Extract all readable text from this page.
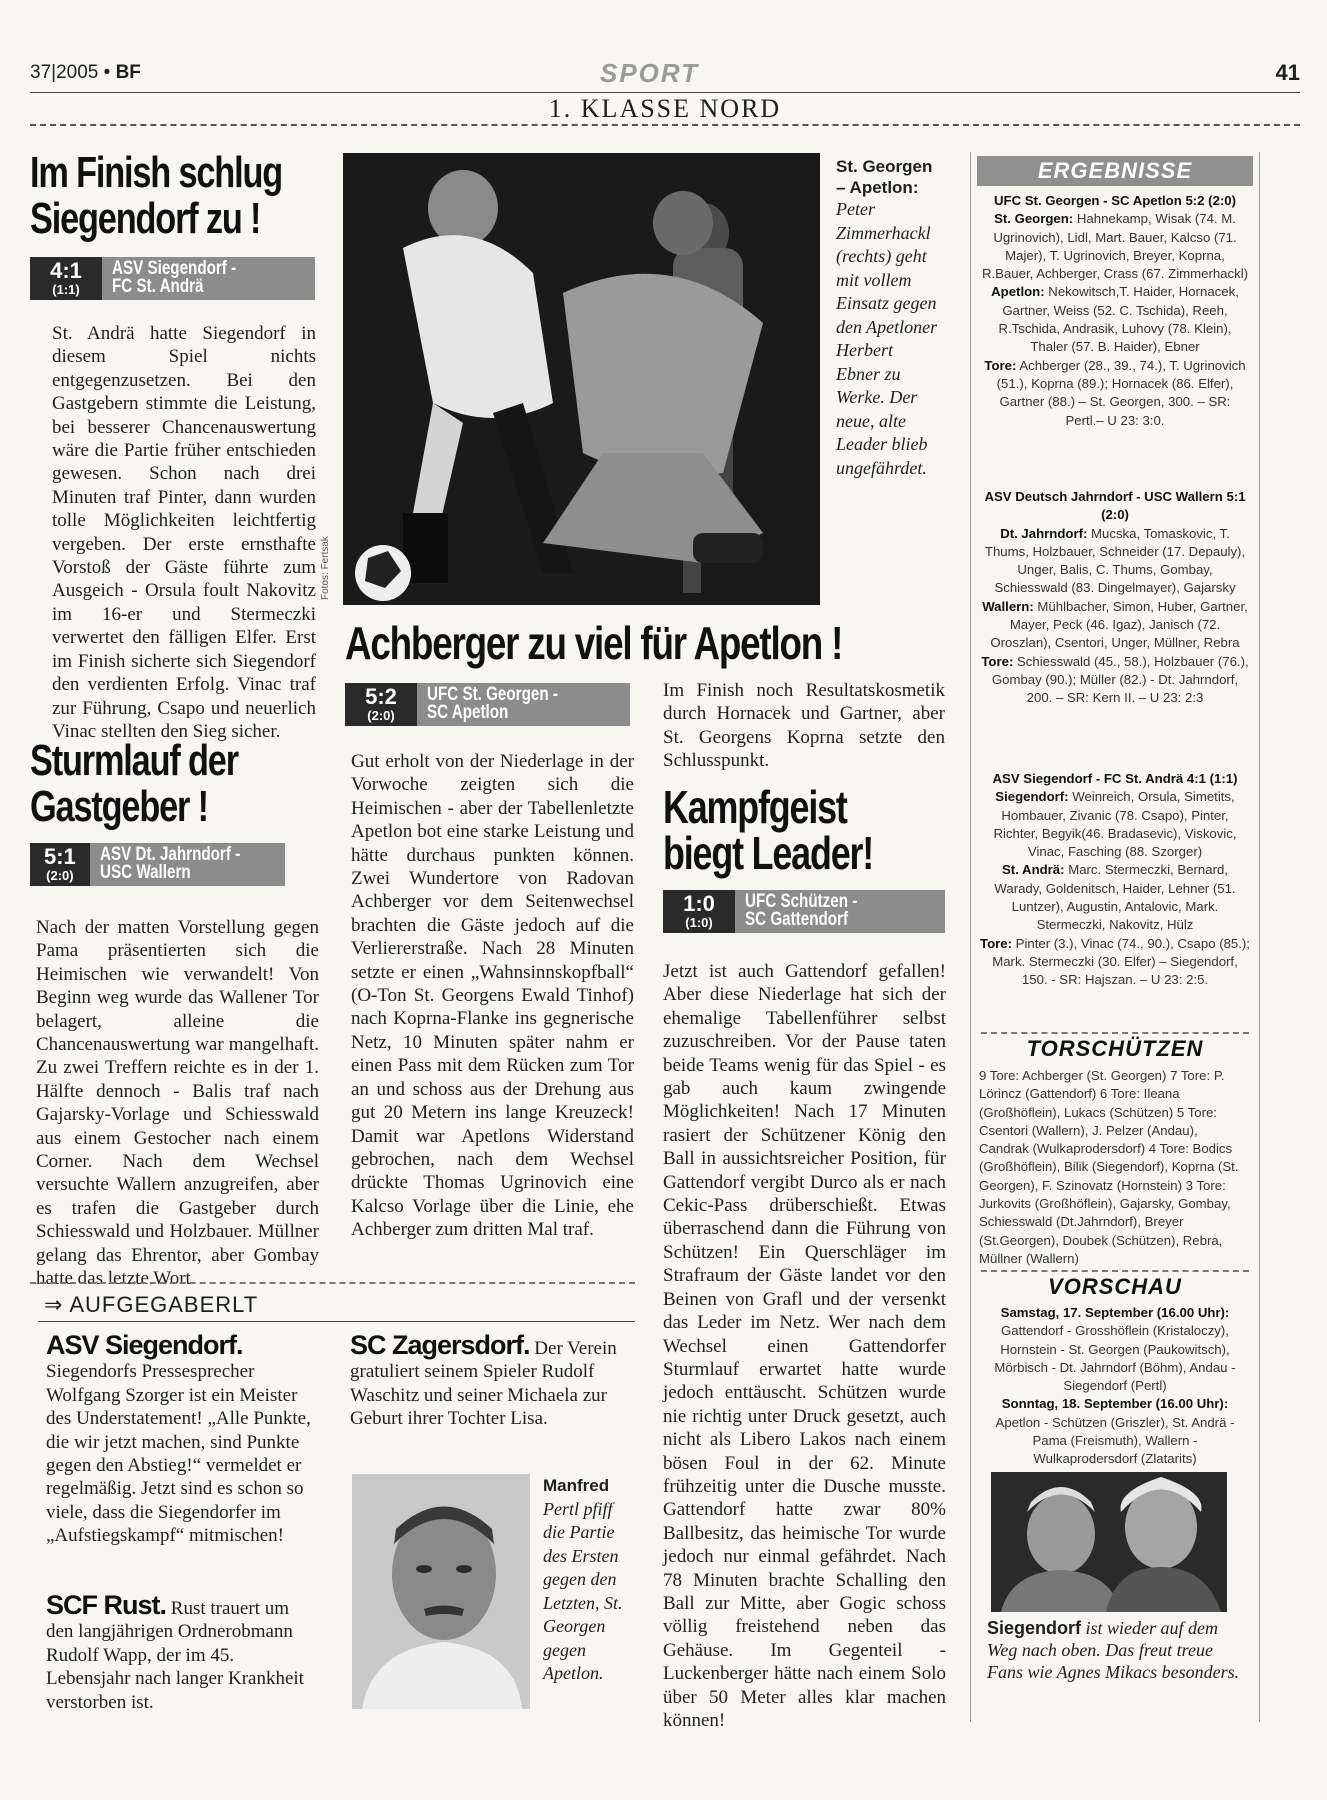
37|2005 • BF	SPORT	41
1. KLASSE NORD
Im Finish schlug Siegendorf zu !
4:1
(1:1)
ASV Siegendorf -
FC St. Andrä
St. Andrä hatte Siegendorf in diesem Spiel nichts entgegenzusetzen. Bei den Gastgebern stimmte die Leistung, bei besserer Chancenauswertung wäre die Partie früher entschieden gewesen. Schon nach drei Minuten traf Pinter, dann wurden tolle Möglichkeiten leichtfertig vergeben. Der erste ernsthafte Vorstoß der Gäste führte zum Ausgeich - Orsula foult Nakovitz im 16-er und Stermeczki verwertet den fälligen Elfer. Erst im Finish sicherte sich Siegendorf den verdienten Erfolg. Vinac traf zur Führung, Csapo und neuerlich Vinac stellten den Sieg sicher.
Sturmlauf der Gastgeber !
5:1
(2:0)
ASV Dt. Jahrndorf -
USC Wallern
Nach der matten Vorstellung gegen Pama präsentierten sich die Heimischen wie verwandelt! Von Beginn weg wurde das Wallener Tor belagert, alleine die Chancenauswertung war mangelhaft. Zu zwei Treffern reichte es in der 1. Hälfte dennoch - Balis traf nach Gajarsky-Vorlage und Schiesswald aus einem Gestocher nach einem Corner. Nach dem Wechsel versuchte Wallern anzugreifen, aber es trafen die Gastgeber durch Schiesswald und Holzbauer. Müllner gelang das Ehrentor, aber Gombay hatte das letzte Wort.
Fotos: Fertsak
St. Georgen – Apetlon:
Peter Zimmerhackl (rechts) geht mit vollem Einsatz gegen den Apetloner Herbert Ebner zu Werke. Der neue, alte Leader blieb ungefährdet.
Achberger zu viel für Apetlon !
5:2
(2:0)
UFC St. Georgen -
SC Apetlon
Gut erholt von der Niederlage in der Vorwoche zeigten sich die Heimischen - aber der Tabellenletzte Apetlon bot eine starke Leistung und hätte durchaus punkten können. Zwei Wundertore von Radovan Achberger vor dem Seitenwechsel brachten die Gäste jedoch auf die Verliererstraße. Nach 28 Minuten setzte er einen „Wahnsinnskopfball“ (O-Ton St. Georgens Ewald Tinhof) nach Koprna-Flanke ins gegnerische Netz, 10 Minuten später nahm er einen Pass mit dem Rücken zum Tor an und schoss aus der Drehung aus gut 20 Metern ins lange Kreuzeck! Damit war Apetlons Widerstand gebrochen, nach dem Wechsel drückte Thomas Ugrinovich eine Kalcso Vorlage über die Linie, ehe Achberger zum dritten Mal traf.
Im Finish noch Resultatskosmetik durch Hornacek und Gartner, aber St. Georgens Koprna setzte den Schlusspunkt.
Kampfgeist biegt Leader!
1:0
(1:0)
UFC Schützen -
SC Gattendorf
Jetzt ist auch Gattendorf gefallen! Aber diese Niederlage hat sich der ehemalige Tabellenführer selbst zuzuschreiben. Vor der Pause taten beide Teams wenig für das Spiel - es gab auch kaum zwingende Möglichkeiten! Nach 17 Minuten rasiert der Schützener König den Ball in aussichtsreicher Position, für Gattendorf vergibt Durco als er nach Cekic-Pass drüberschießt. Etwas überraschend dann die Führung von Schützen! Ein Querschläger im Strafraum der Gäste landet vor den Beinen von Grafl und der versenkt das Leder im Netz. Wer nach dem Wechsel einen Gattendorfer Sturmlauf erwartet hatte wurde jedoch enttäuscht. Schützen wurde nie richtig unter Druck gesetzt, auch nicht als Libero Lakos nach einem bösen Foul in der 62. Minute frühzeitig unter die Dusche musste. Gattendorf hatte zwar 80% Ballbesitz, das heimische Tor wurde jedoch nur einmal gefährdet. Nach 78 Minuten brachte Schalling den Ball zur Mitte, aber Gogic schoss völlig freistehend neben das Gehäuse. Im Gegenteil - Luckenberger hätte nach einem Solo über 50 Meter alles klar machen können!
⇒ AUFGEGABERLT
ASV Siegendorf. Siegendorfs Pressesprecher Wolfgang Szorger ist ein Meister des Understatement! „Alle Punkte, die wir jetzt machen, sind Punkte gegen den Abstieg!“ vermeldet er regelmäßig. Jetzt sind es schon so viele, dass die Siegendorfer im „Aufstiegskampf“ mitmischen!
SCF Rust. Rust trauert um den langjährigen Ordnerobmann Rudolf Wapp, der im 45. Lebensjahr nach langer Krankheit verstorben ist.
SC Zagersdorf. Der Verein gratuliert seinem Spieler Rudolf Waschitz und seiner Michaela zur Geburt ihrer Tochter Lisa.
Manfred
Pertl pfiff die Partie des Ersten gegen den Letzten, St. Georgen gegen Apetlon.
ERGEBNISSE
UFC St. Georgen - SC Apetlon 5:2 (2:0)
St. Georgen: Hahnekamp, Wisak (74. M. Ugrinovich), Lidl, Mart. Bauer, Kalcso (71. Majer), T. Ugrinovich, Breyer, Koprna, R.Bauer, Achberger, Crass (67. Zimmerhackl)
Apetlon: Nekowitsch,T. Haider, Hornacek, Gartner, Weiss (52. C. Tschida), Reeh, R.Tschida, Andrasik, Luhovy (78. Klein), Thaler (57. B. Haider), Ebner
Tore: Achberger (28., 39., 74.), T. Ugrinovich (51.), Koprna (89.); Hornacek (86. Elfer), Gartner (88.) – St. Georgen, 300. – SR: Pertl.– U 23: 3:0.
ASV Deutsch Jahrndorf - USC Wallern 5:1 (2:0)
Dt. Jahrndorf: Mucska, Tomaskovic, T. Thums, Holzbauer, Schneider (17. Depauly), Unger, Balis, C. Thums, Gombay, Schiesswald (83. Dingelmayer), Gajarsky
Wallern: Mühlbacher, Simon, Huber, Gartner, Mayer, Peck (46. Igaz), Janisch (72. Oroszlan), Csentori, Unger, Müllner, Rebra
Tore: Schiesswald (45., 58.), Holzbauer (76.), Gombay (90.); Müller (82.) - Dt. Jahrndorf, 200. – SR: Kern II. – U 23: 2:3
ASV Siegendorf - FC St. Andrä 4:1 (1:1)
Siegendorf: Weinreich, Orsula, Simetits, Hombauer, Zivanic (78. Csapo), Pinter, Richter, Begyik(46. Bradasevic), Viskovic, Vinac, Fasching (88. Szorger)
St. Andrä: Marc. Stermeczki, Bernard, Warady, Goldenitsch, Haider, Lehner (51. Luntzer), Augustin, Antalovic, Mark. Stermeczki, Nakovitz, Hülz
Tore: Pinter (3.), Vinac (74., 90.), Csapo (85.); Mark. Stermeczki (30. Elfer) – Siegendorf, 150. - SR: Hajszan. – U 23: 2:5.
TORSCHÜTZEN
9 Tore: Achberger (St. Georgen) 7 Tore: P. Lörincz (Gattendorf) 6 Tore: Ileana (Großhöflein), Lukacs (Schützen) 5 Tore: Csentori (Wallern), J. Pelzer (Andau), Candrak (Wulkaprodersdorf) 4 Tore: Bodics (Großhöflein), Bilik (Siegendorf), Koprna (St. Georgen), F. Szinovatz (Hornstein) 3 Tore: Jurkovits (Großhöflein), Gajarsky, Gombay, Schiesswald (Dt.Jahrndorf), Breyer (St.Georgen), Doubek (Schützen), Rebra, Müllner (Wallern)
VORSCHAU
Samstag, 17. September (16.00 Uhr):
Gattendorf - Grosshöflein (Kristaloczy), Hornstein - St. Georgen (Paukowitsch), Mörbisch - Dt. Jahrndorf (Böhm), Andau - Siegendorf (Pertl)
Sonntag, 18. September (16.00 Uhr):
Apetlon - Schützen (Griszler), St. Andrä - Pama (Freismuth), Wallern - Wulkaprodersdorf (Zlatarits)
Siegendorf ist wieder auf dem Weg nach oben. Das freut treue Fans wie Agnes Mikacs besonders.
